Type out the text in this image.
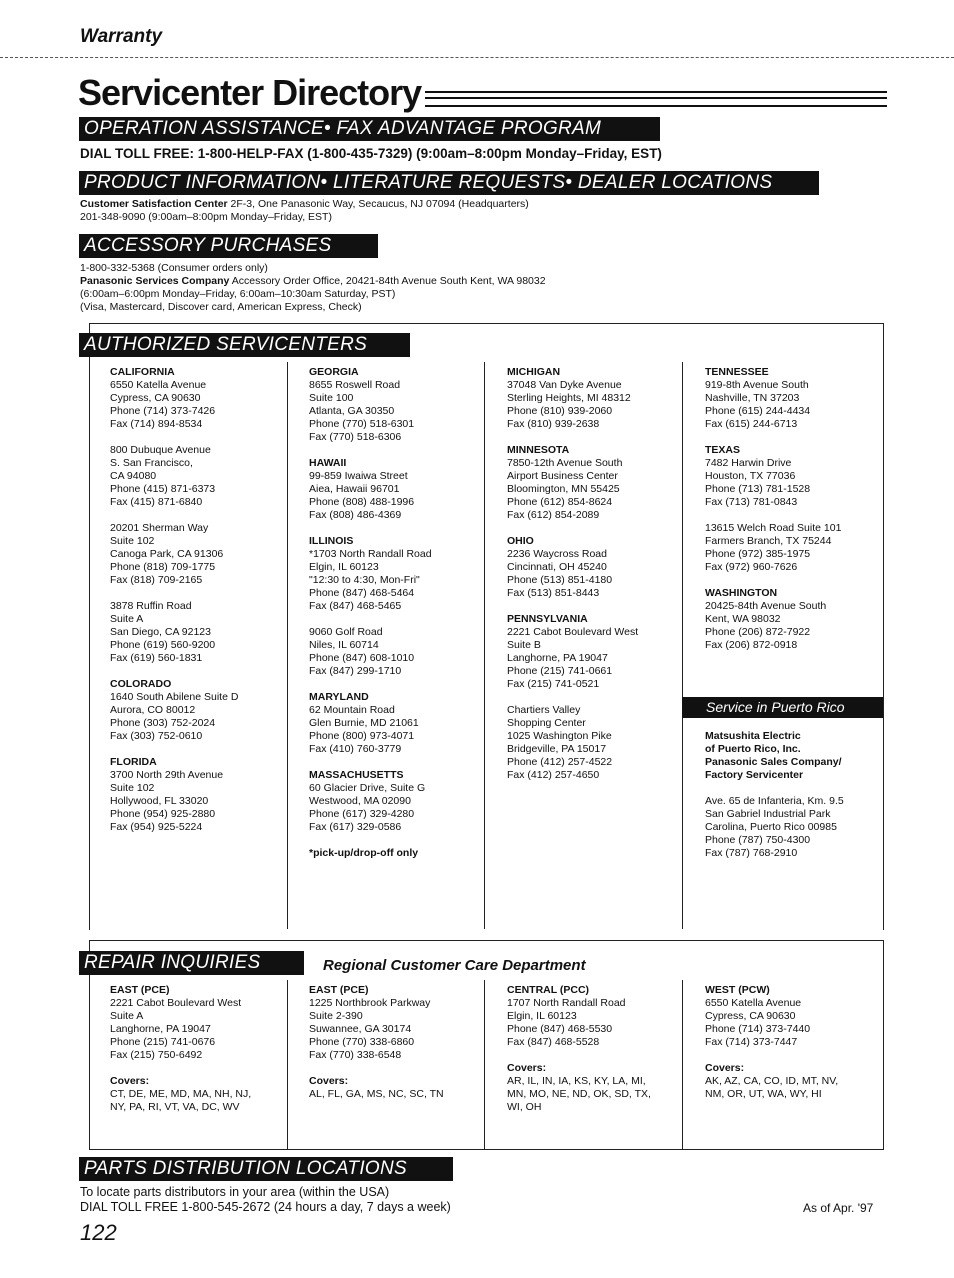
Warranty
Servicenter Directory
OPERATION ASSISTANCE• FAX ADVANTAGE PROGRAM
DIAL TOLL FREE: 1-800-HELP-FAX (1-800-435-7329) (9:00am–8:00pm Monday–Friday, EST)
PRODUCT INFORMATION• LITERATURE REQUESTS• DEALER LOCATIONS
Customer Satisfaction Center 2F-3, One Panasonic Way, Secaucus, NJ 07094 (Headquarters)
201-348-9090 (9:00am–8:00pm Monday–Friday, EST)
ACCESSORY PURCHASES
1-800-332-5368 (Consumer orders only)
Panasonic Services Company Accessory Order Office, 20421-84th Avenue South Kent, WA 98032
(6:00am–6:00pm Monday–Friday, 6:00am–10:30am Saturday, PST)
(Visa, Mastercard, Discover card, American Express, Check)
AUTHORIZED SERVICENTERS
CALIFORNIA
6550 Katella Avenue
Cypress, CA 90630
Phone (714) 373-7426
Fax (714) 894-8534
800 Dubuque Avenue
S. San Francisco,
CA 94080
Phone (415) 871-6373
Fax (415) 871-6840
20201 Sherman Way
Suite 102
Canoga Park, CA 91306
Phone (818) 709-1775
Fax (818) 709-2165
3878 Ruffin Road
Suite A
San Diego, CA 92123
Phone (619) 560-9200
Fax (619) 560-1831
COLORADO
1640 South Abilene Suite D
Aurora, CO 80012
Phone (303) 752-2024
Fax (303) 752-0610
FLORIDA
3700 North 29th Avenue
Suite 102
Hollywood, FL 33020
Phone (954) 925-2880
Fax (954) 925-5224
GEORGIA
8655 Roswell Road
Suite 100
Atlanta, GA 30350
Phone (770) 518-6301
Fax (770) 518-6306
HAWAII
99-859 Iwaiwa Street
Aiea, Hawaii 96701
Phone (808) 488-1996
Fax (808) 486-4369
ILLINOIS
*1703 North Randall Road
Elgin, IL 60123
"12:30 to 4:30, Mon-Fri"
Phone (847) 468-5464
Fax (847) 468-5465
9060 Golf Road
Niles, IL 60714
Phone (847) 608-1010
Fax (847) 299-1710
MARYLAND
62 Mountain Road
Glen Burnie, MD 21061
Phone (800) 973-4071
Fax (410) 760-3779
MASSACHUSETTS
60 Glacier Drive, Suite G
Westwood, MA 02090
Phone (617) 329-4280
Fax (617) 329-0586
*pick-up/drop-off only
MICHIGAN
37048 Van Dyke Avenue
Sterling Heights, MI 48312
Phone (810) 939-2060
Fax (810) 939-2638
MINNESOTA
7850-12th Avenue South
Airport Business Center
Bloomington, MN 55425
Phone (612) 854-8624
Fax (612) 854-2089
OHIO
2236 Waycross Road
Cincinnati, OH 45240
Phone (513) 851-4180
Fax (513) 851-8443
PENNSYLVANIA
2221 Cabot Boulevard West
Suite B
Langhorne, PA 19047
Phone (215) 741-0661
Fax (215) 741-0521
Chartiers Valley
Shopping Center
1025 Washington Pike
Bridgeville, PA 15017
Phone (412) 257-4522
Fax (412) 257-4650
TENNESSEE
919-8th Avenue South
Nashville, TN 37203
Phone (615) 244-4434
Fax (615) 244-6713
TEXAS
7482 Harwin Drive
Houston, TX 77036
Phone (713) 781-1528
Fax (713) 781-0843
13615 Welch Road Suite 101
Farmers Branch, TX 75244
Phone (972) 385-1975
Fax (972) 960-7626
WASHINGTON
20425-84th Avenue South
Kent, WA 98032
Phone (206) 872-7922
Fax (206) 872-0918
Service in Puerto Rico
Matsushita Electric
of Puerto Rico, Inc.
Panasonic Sales Company/
Factory Servicenter
Ave. 65 de Infanteria, Km. 9.5
San Gabriel Industrial Park
Carolina, Puerto Rico 00985
Phone (787) 750-4300
Fax (787) 768-2910
REPAIR INQUIRIES	Regional Customer Care Department
EAST (PCE)
2221 Cabot Boulevard West
Suite A
Langhorne, PA 19047
Phone (215) 741-0676
Fax (215) 750-6492
Covers:
CT, DE, ME, MD, MA, NH, NJ,
NY, PA, RI, VT, VA, DC, WV
EAST (PCE)
1225 Northbrook Parkway
Suite 2-390
Suwannee, GA 30174
Phone (770) 338-6860
Fax (770) 338-6548
Covers:
AL, FL, GA, MS, NC, SC, TN
CENTRAL (PCC)
1707 North Randall Road
Elgin, IL 60123
Phone (847) 468-5530
Fax (847) 468-5528
Covers:
AR, IL, IN, IA, KS, KY, LA, MI,
MN, MO, NE, ND, OK, SD, TX,
WI, OH
WEST (PCW)
6550 Katella Avenue
Cypress, CA 90630
Phone (714) 373-7440
Fax (714) 373-7447
Covers:
AK, AZ, CA, CO, ID, MT, NV,
NM, OR, UT, WA, WY, HI
PARTS DISTRIBUTION LOCATIONS
To locate parts distributors in your area (within the USA)
DIAL TOLL FREE 1-800-545-2672 (24 hours a day, 7 days a week)	As of Apr. '97
122
